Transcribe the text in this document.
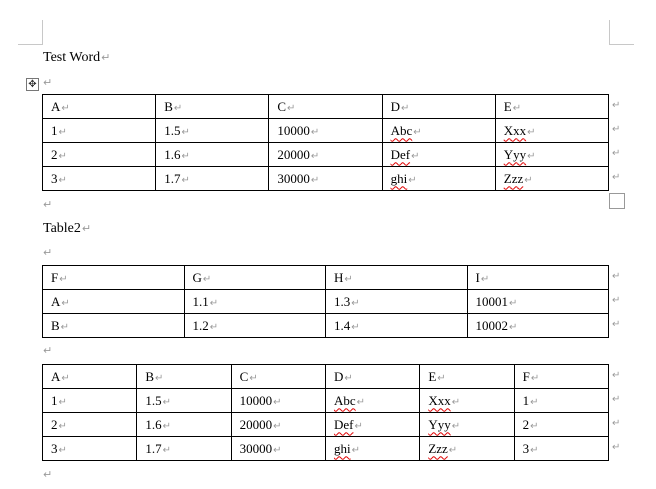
Test Word↵
✥ ↵
A↵	B↵	C↵	D↵	E↵
1↵	1.5↵	10000↵	Abc↵	Xxx↵
2↵	1.6↵	20000↵	Def↵	Yyy↵
3↵	1.7↵	30000↵	ghi↵	Zzz↵
↵
↵
↵
↵
↵
Table2↵
↵
F↵	G↵	H↵	I↵
A↵	1.1↵	1.3↵	10001↵
B↵	1.2↵	1.4↵	10002↵
↵
↵
↵
↵
A↵	B↵	C↵	D↵	E↵	F↵
1↵	1.5↵	10000↵	Abc↵	Xxx↵	1↵
2↵	1.6↵	20000↵	Def↵	Yyy↵	2↵
3↵	1.7↵	30000↵	ghi↵	Zzz↵	3↵
↵
↵
↵
↵
↵
